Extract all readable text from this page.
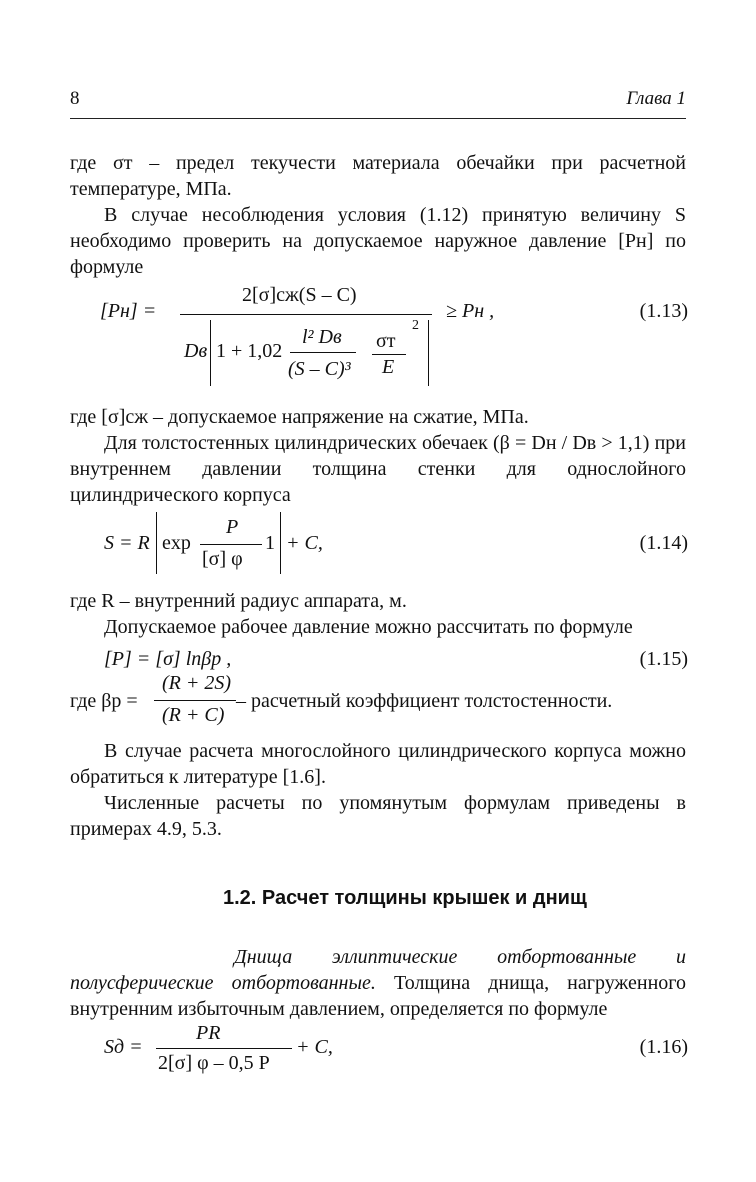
8	Глава 1

где σт – предел текучести материала обечайки при расчетной температуре, МПа.

В случае несоблюдения условия (1.12) принятую величину S необходимо проверить на допускаемое наружное давление [Pн] по формуле

[Pн] =
2[σ]сж(S – C)
Dв 1 + 1,02
l² Dв
(S – C)³
σт
E
2
≥ Pн ,	(1.13)

где [σ]сж – допускаемое напряжение на сжатие, МПа.

Для толстостенных цилиндрических обечаек (β = Dн / Dв > 1,1) при внутреннем давлении толщина стенки для однослойного цилиндрического корпуса

S = R exp
P
[σ] φ
– 1 + C,	(1.14)

где R – внутренний радиус аппарата, м.

Допускаемое рабочее давление можно рассчитать по формуле

[P] = [σ] lnβр ,	(1.15)
где βр =
(R + 2S)
(R + C)
– расчетный коэффициент толстостенности.

В случае расчета многослойного цилиндрического корпуса можно обратиться к литературе [1.6].

Численные расчеты по упомянутым формулам приведены в примерах 4.9, 5.3.

1.2. Расчет толщины крышек и днищ

Днища эллиптические отбортованные и полусферические отбортованные. Толщина днища, нагруженного внутренним избыточным давлением, определяется по формуле

Sд =
PR
2[σ] φ – 0,5 P
+ C,	(1.16)
